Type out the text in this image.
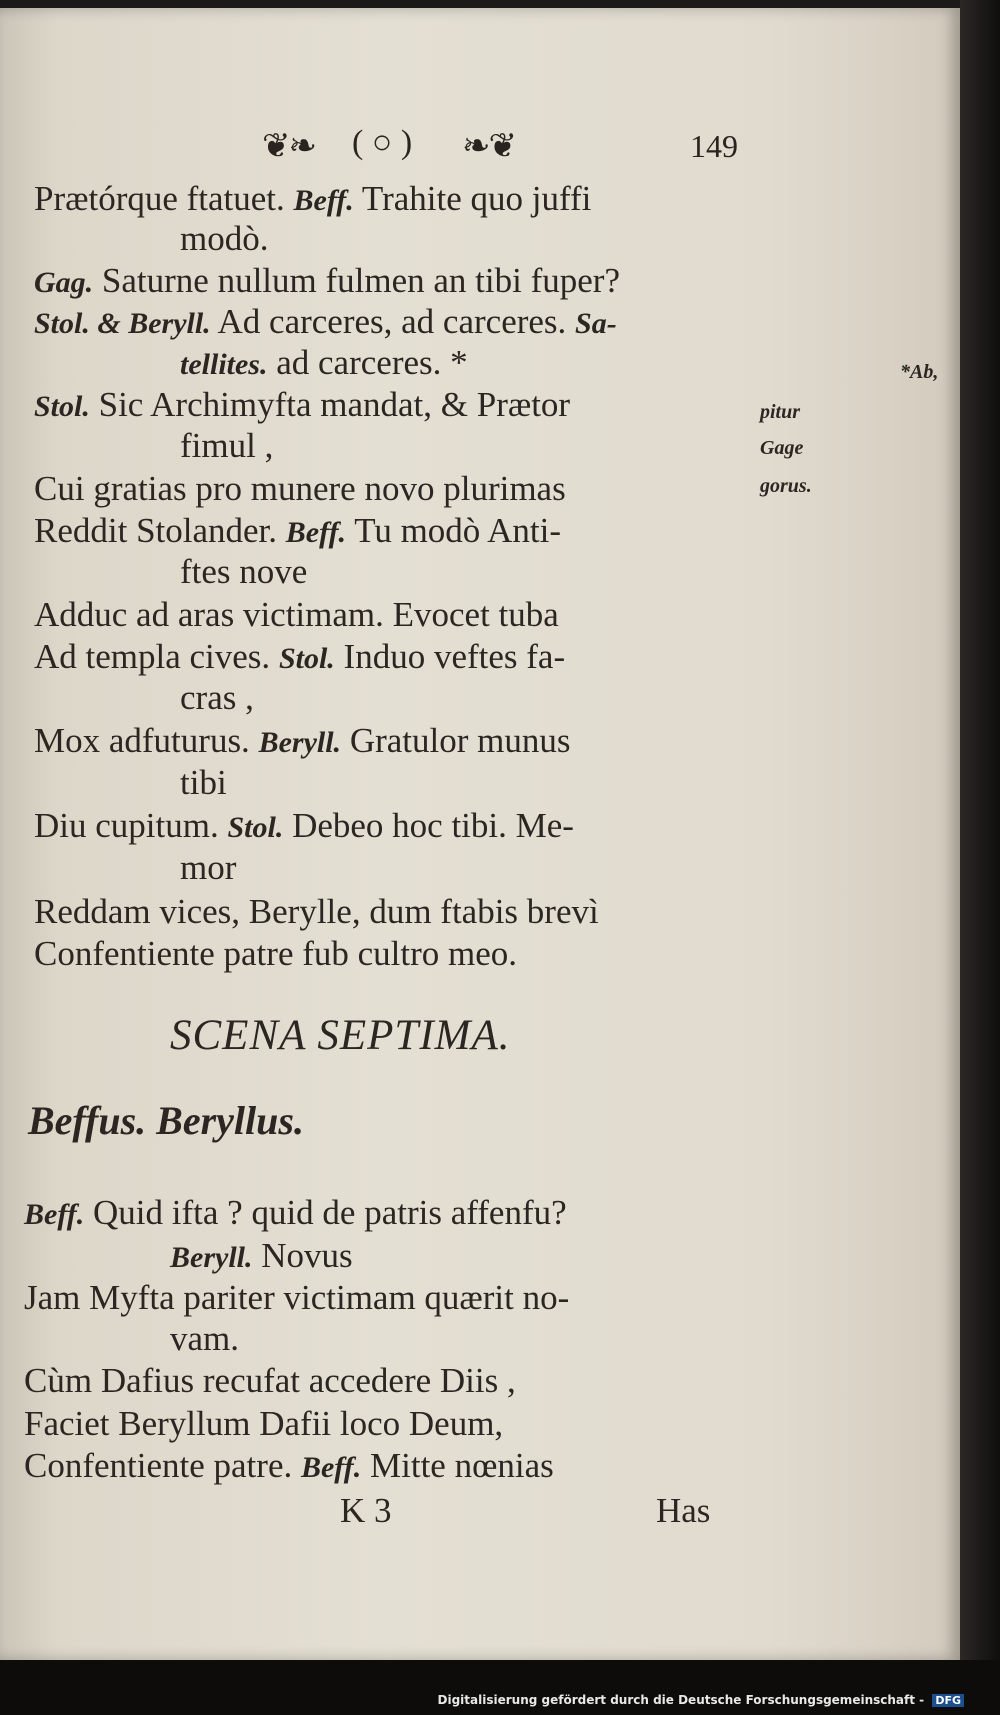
❦❧ ( ○ ) ❧❦	149
Prætórque ftatuet. Beff. Trahite quo juffi
modò.
Gag. Saturne nullum fulmen an tibi fuper?
Stol. & Beryll. Ad carceres, ad carceres. Sa-
tellites. ad carceres. *
Stol. Sic Archimyfta mandat, & Prætor
fimul ,
Cui gratias pro munere novo plurimas
Reddit Stolander. Beff. Tu modò Anti-
ftes nove
Adduc ad aras victimam. Evocet tuba
Ad templa cives. Stol. Induo veftes fa-
cras ,
Mox adfuturus. Beryll. Gratulor munus
tibi
Diu cupitum. Stol. Debeo hoc tibi. Me-
mor
Reddam vices, Berylle, dum ftabis brevì
Confentiente patre fub cultro meo.
*Ab,
pitur
Gage
gorus.
SCENA SEPTIMA.
Beffus. Beryllus.
Beff. Quid ifta ? quid de patris affenfu?
Beryll. Novus
Jam Myfta pariter victimam quærit no-
vam.
Cùm Dafius recufat accedere Diis ,
Faciet Beryllum Dafii loco Deum,
Confentiente patre. Beff. Mitte nœnias
K 3	Has
Digitalisierung gefördert durch die Deutsche Forschungsgemeinschaft - DFG
